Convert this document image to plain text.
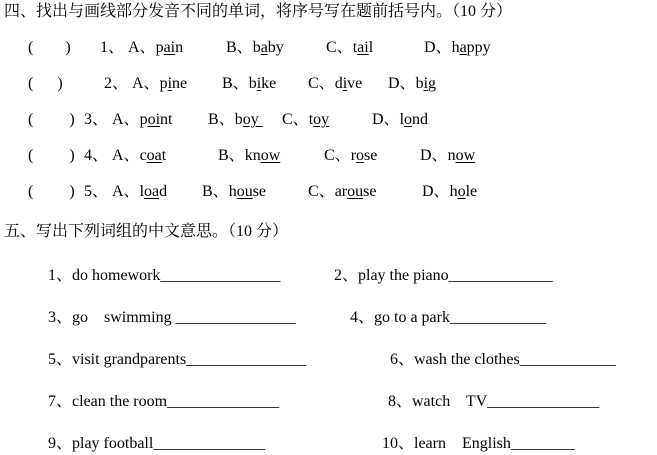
四、找出与画线部分发音不同的单词，将序号写在题前括号内。（10 分）
(        ) 1、 A、pain	B、baby	C、tail	D、happy
(      )	2、 A、pine B、bike C、dive D、big
(         ) 3、 A、point B、boy C、toy	D、lond
(         ) 4、 A、coat	B、know	C、rose	D、now
(         ) 5、 A、load B、house	C、arouse	D、hole
五、写出下列词组的中文意思。（10 分）
1、do homework_______________	2、play the piano_____________
3、go    swimming _______________	4、go to a park____________
5、visit grandparents_______________	6、wash the clothes____________
7、clean the room______________	8、watch    TV______________
9、play football______________	10、learn    English________
